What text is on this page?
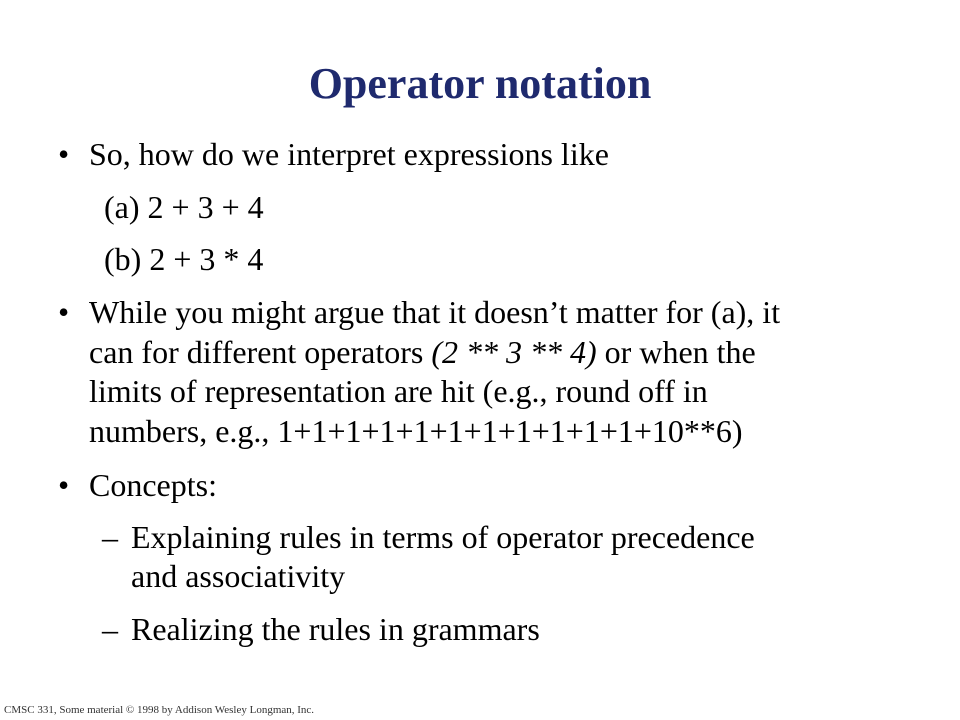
Operator notation
• So, how do we interpret expressions like
(a) 2 + 3 + 4
(b) 2 + 3 * 4
• While you might argue that it doesn’t matter for (a), it
can for different operators (2 ** 3 ** 4) or when the
limits of representation are hit (e.g., round off in
numbers, e.g., 1+1+1+1+1+1+1+1+1+1+1+10**6)
• Concepts:
– Explaining rules in terms of operator precedence
and associativity
– Realizing the rules in grammars
CMSC 331, Some material © 1998 by Addison Wesley Longman, Inc.
